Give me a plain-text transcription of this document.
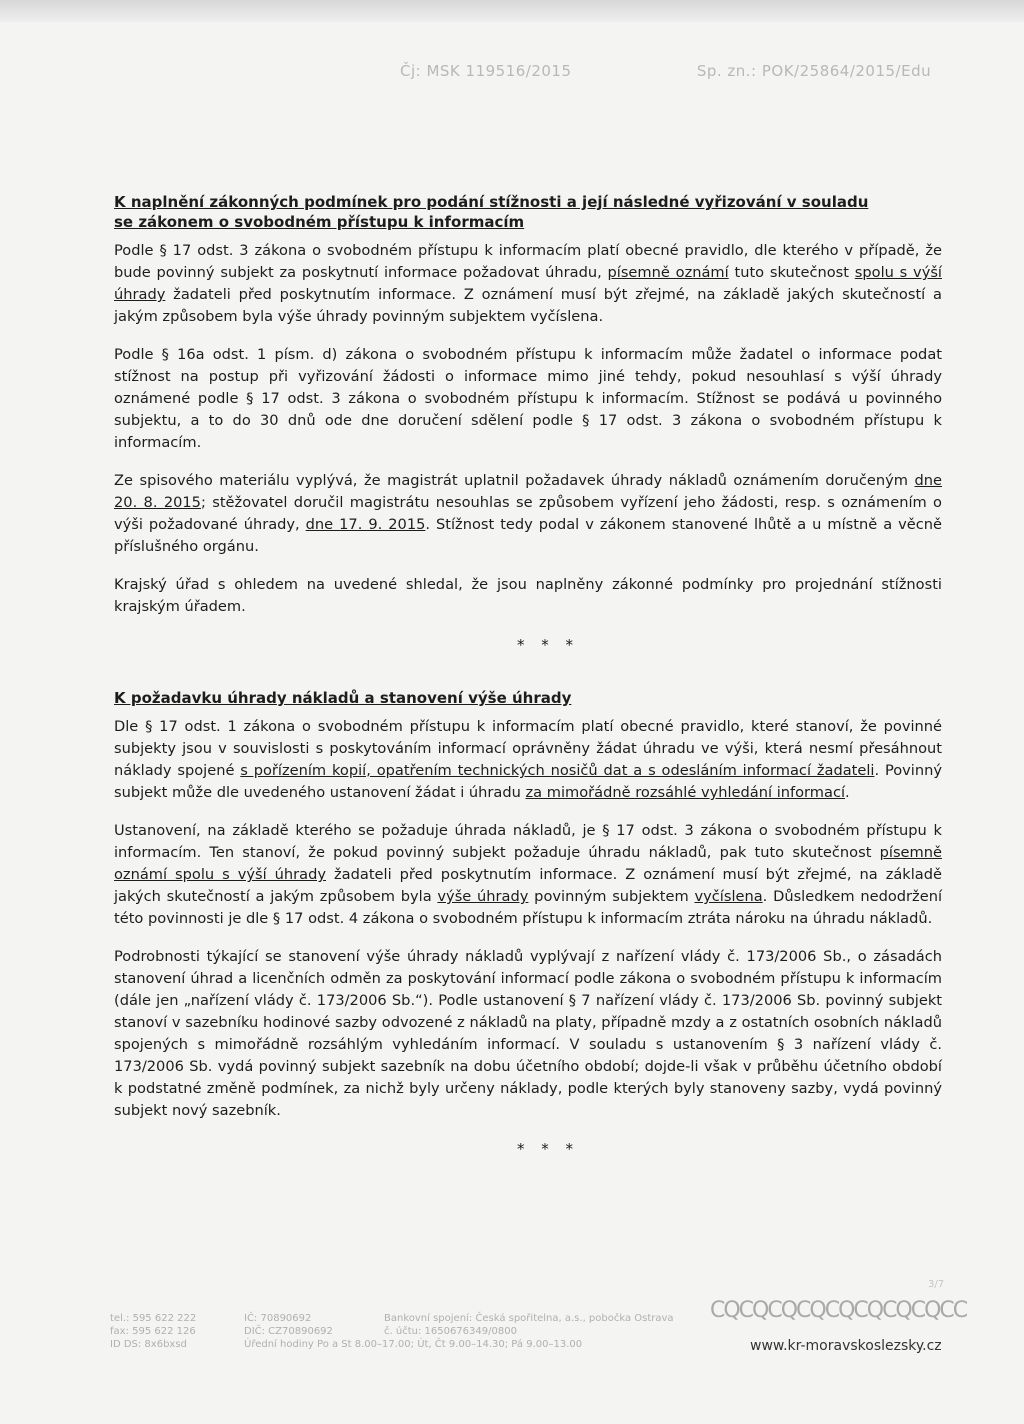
Čj: MSK 119516/2015	Sp. zn.: POK/25864/2015/Edu

K naplnění zákonných podmínek pro podání stížnosti a její následné vyřizování v souladu

se zákonem o svobodném přístupu k informacím

Podle § 17 odst. 3 zákona o svobodném přístupu k informacím platí obecné pravidlo, dle kterého v případě, že bude povinný subjekt za poskytnutí informace požadovat úhradu, písemně oznámí tuto skutečnost spolu s výší úhrady žadateli před poskytnutím informace. Z oznámení musí být zřejmé, na základě jakých skutečností a jakým způsobem byla výše úhrady povinným subjektem vyčíslena.

Podle § 16a odst. 1 písm. d) zákona o svobodném přístupu k informacím může žadatel o informace podat stížnost na postup při vyřizování žádosti o informace mimo jiné tehdy, pokud nesouhlasí s výší úhrady oznámené podle § 17 odst. 3 zákona o svobodném přístupu k informacím. Stížnost se podává u povinného subjektu, a to do 30 dnů ode dne doručení sdělení podle § 17 odst. 3 zákona o svobodném přístupu k informacím.

Ze spisového materiálu vyplývá, že magistrát uplatnil požadavek úhrady nákladů oznámením doručeným dne 20. 8. 2015; stěžovatel doručil magistrátu nesouhlas se způsobem vyřízení jeho žádosti, resp. s oznámením o výši požadované úhrady, dne 17. 9. 2015. Stížnost tedy podal v zákonem stanovené lhůtě a u místně a věcně příslušného orgánu.

Krajský úřad s ohledem na uvedené shledal, že jsou naplněny zákonné podmínky pro projednání stížnosti krajským úřadem.

* * *

K požadavku úhrady nákladů a stanovení výše úhrady

Dle § 17 odst. 1 zákona o svobodném přístupu k informacím platí obecné pravidlo, které stanoví, že povinné subjekty jsou v souvislosti s poskytováním informací oprávněny žádat úhradu ve výši, která nesmí přesáhnout náklady spojené s pořízením kopií, opatřením technických nosičů dat a s odesláním informací žadateli. Povinný subjekt může dle uvedeného ustanovení žádat i úhradu za mimořádně rozsáhlé vyhledání informací.

Ustanovení, na základě kterého se požaduje úhrada nákladů, je § 17 odst. 3 zákona o svobodném přístupu k informacím. Ten stanoví, že pokud povinný subjekt požaduje úhradu nákladů, pak tuto skutečnost písemně oznámí spolu s výší úhrady žadateli před poskytnutím informace. Z oznámení musí být zřejmé, na základě jakých skutečností a jakým způsobem byla výše úhrady povinným subjektem vyčíslena. Důsledkem nedodržení této povinnosti je dle § 17 odst. 4 zákona o svobodném přístupu k informacím ztráta nároku na úhradu nákladů.

Podrobnosti týkající se stanovení výše úhrady nákladů vyplývají z nařízení vlády č. 173/2006 Sb., o zásadách stanovení úhrad a licenčních odměn za poskytování informací podle zákona o svobodném přístupu k informacím (dále jen „nařízení vlády č. 173/2006 Sb.“). Podle ustanovení § 7 nařízení vlády č. 173/2006 Sb. povinný subjekt stanoví v sazebníku hodinové sazby odvozené z nákladů na platy, případně mzdy a z ostatních osobních nákladů spojených s mimořádně rozsáhlým vyhledáním informací. V souladu s ustanovením § 3 nařízení vlády č. 173/2006 Sb. vydá povinný subjekt sazebník na dobu účetního období; dojde-li však v průběhu účetního období k podstatné změně podmínek, za nichž byly určeny náklady, podle kterých byly stanoveny sazby, vydá povinný subjekt nový sazebník.

* * *

3/7
tel.: 595 622 222
fax: 595 622 126
ID DS: 8x6bxsd
IČ: 70890692
DIČ: CZ70890692
Úřední hodiny Po a St 8.00–17.00; Út, Čt 9.00–14.30; Pá 9.00–13.00
Bankovní spojení: Česká spořitelna, a.s., pobočka Ostrava
č. účtu: 1650676349/0800
CQCQCQCQCQCQCQCQCC
www.kr-moravskoslezsky.cz
